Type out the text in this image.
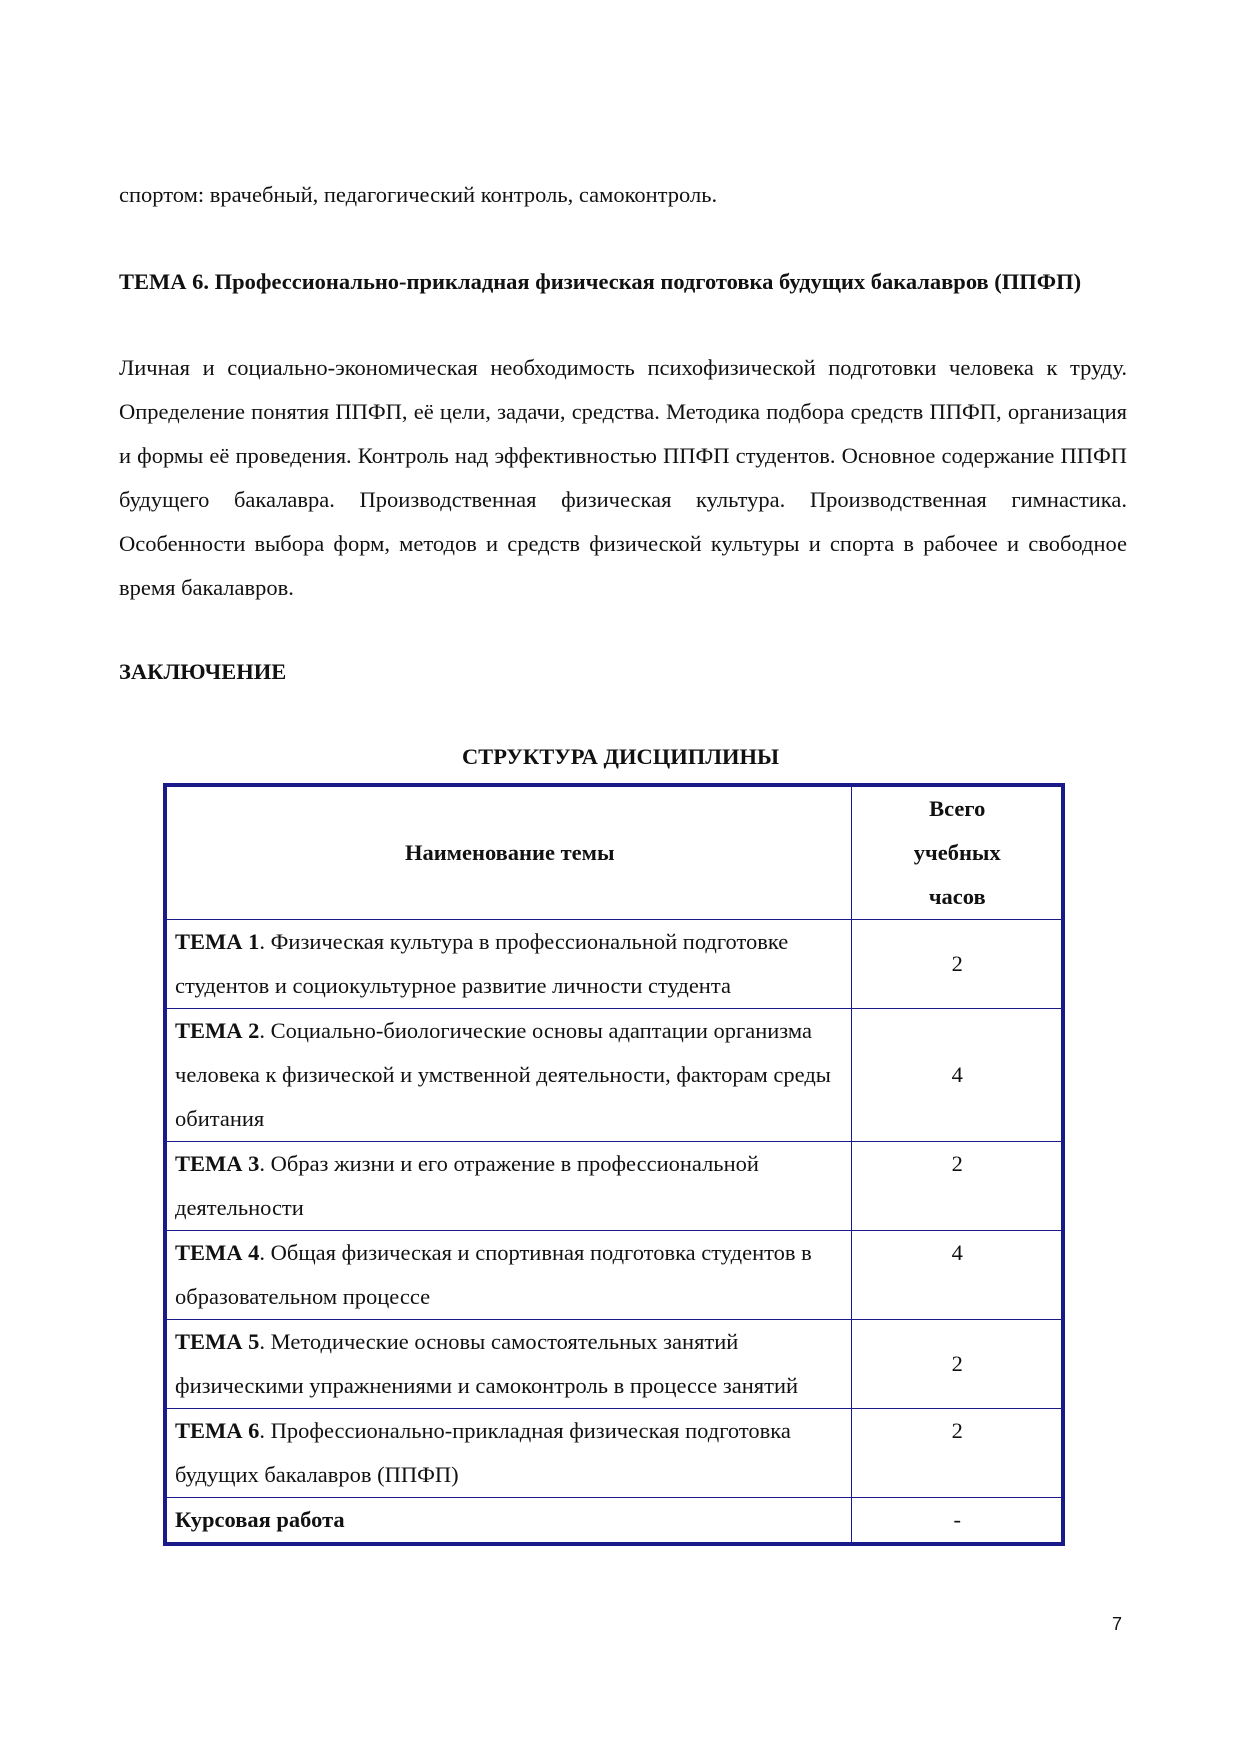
спортом: врачебный, педагогический контроль, самоконтроль.

ТЕМА 6. Профессионально-прикладная физическая подготовка будущих бакалавров (ППФП)

Личная и социально-экономическая необходимость психофизической подготовки человека к труду. Определение понятия ППФП, её цели, задачи, средства. Методика подбора средств ППФП, организация и формы её проведения. Контроль над эффективностью ППФП студентов. Основное содержание ППФП будущего бакалавра. Производственная физическая культура. Производственная гимнастика. Особенности выбора форм, методов и средств физической культуры и спорта в рабочее и свободное время бакалавров.

ЗАКЛЮЧЕНИЕ

СТРУКТУРА ДИСЦИПЛИНЫ
Наименование темы	Всего учебных часов
ТЕМА 1. Физическая культура в профессиональной подготовке студентов и социокультурное развитие личности студента	2
ТЕМА 2. Социально-биологические основы адаптации организма человека к физической и умственной деятельности, факторам среды обитания	4
ТЕМА 3. Образ жизни и его отражение в профессиональной деятельности	2
ТЕМА 4. Общая физическая и спортивная подготовка студентов в образовательном процессе	4
ТЕМА 5. Методические основы самостоятельных занятий физическими упражнениями и самоконтроль в процессе занятий	2
ТЕМА 6. Профессионально-прикладная физическая подготовка будущих бакалавров (ППФП)	2
Курсовая работа	-
7
